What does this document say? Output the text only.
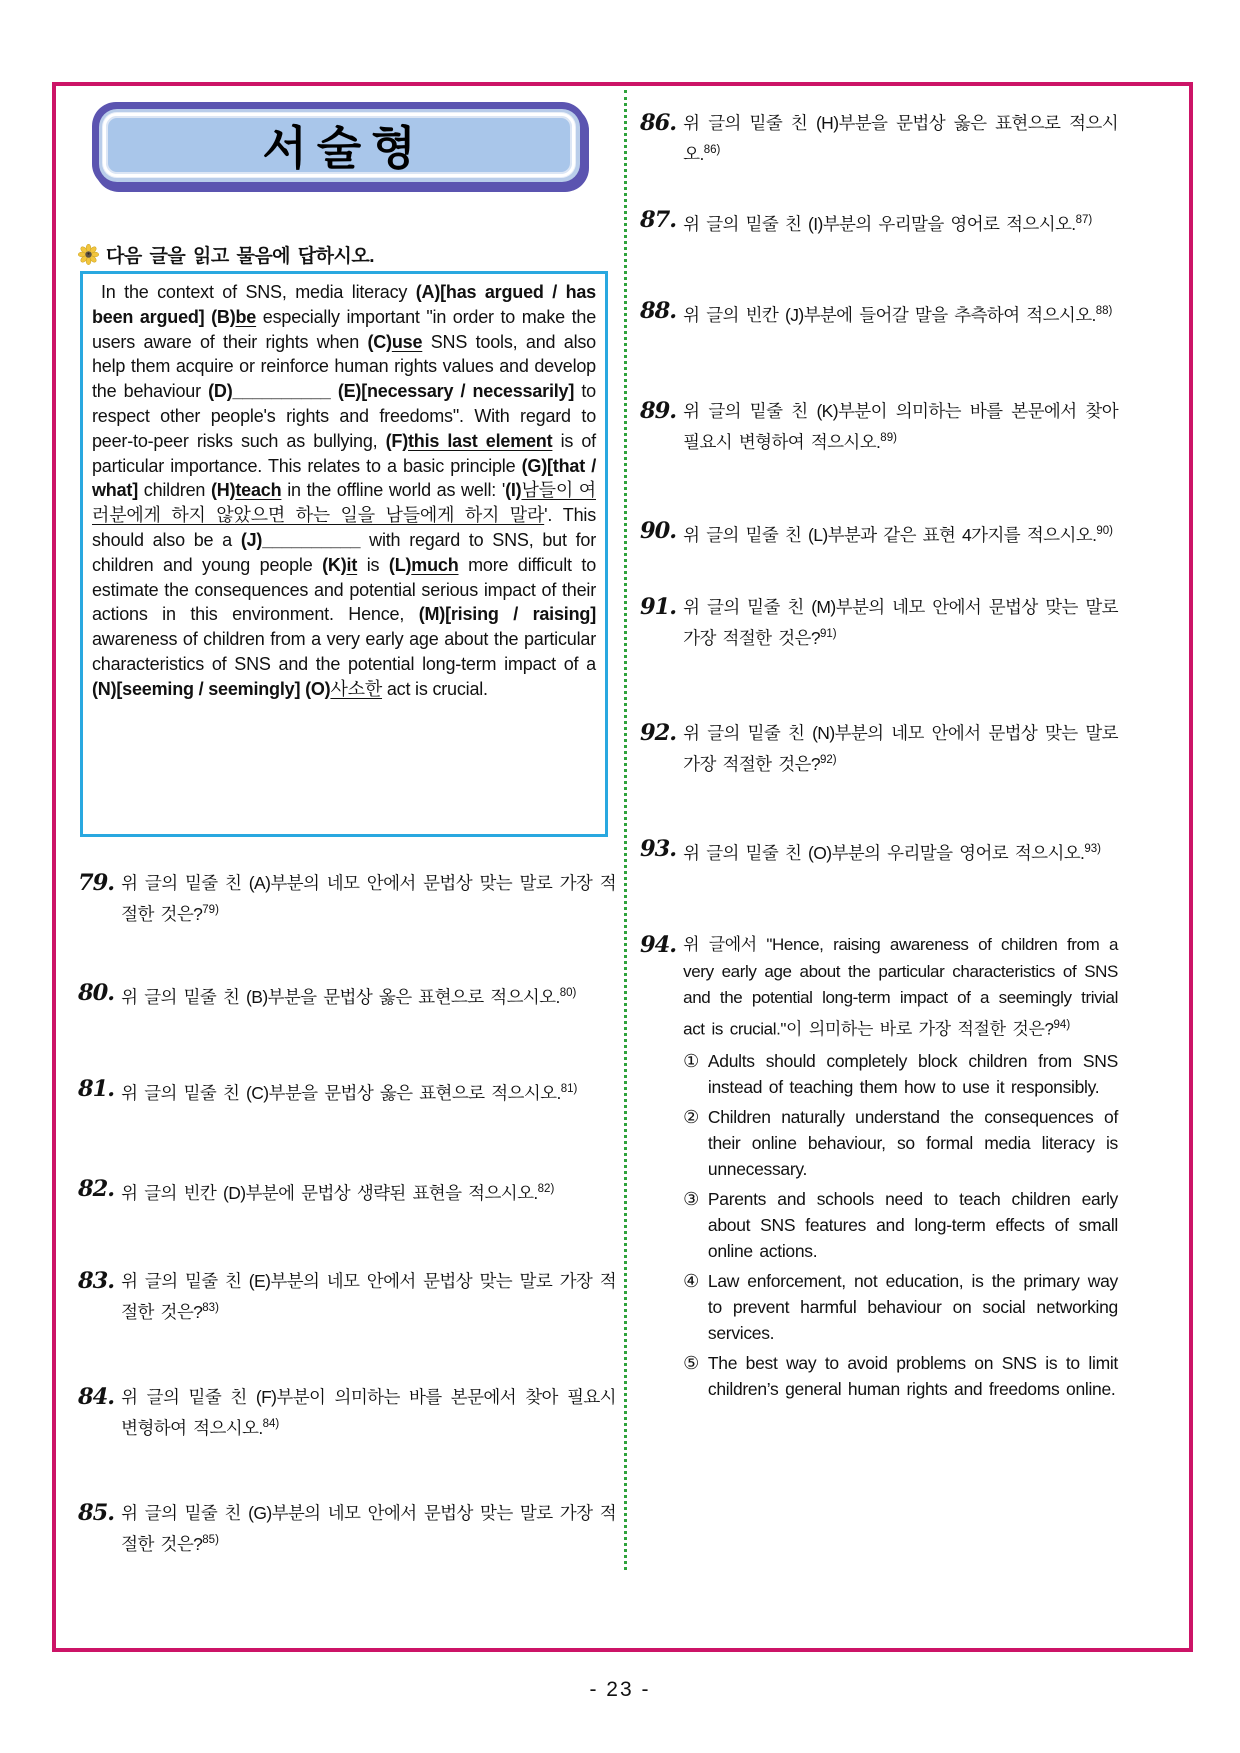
서술형
다음 글을 읽고 물음에 답하시오.

In the context of SNS, media literacy (A)[has argued / has been argued] (B)be especially important "in order to make the users aware of their rights when (C)use SNS tools, and also help them acquire or reinforce human rights values and develop the behaviour (D)__________ (E)[necessary / necessarily] to respect other people's rights and freedoms". With regard to peer-to-peer risks such as bullying, (F)this last element is of particular importance. This relates to a basic principle (G)[that / what] children (H)teach in the offline world as well: '(I)남들이 여러분에게 하지 않았으면 하는 일을 남들에게 하지 말라'. This should also be a (J)__________ with regard to SNS, but for children and young people (K)it is (L)much more difficult to estimate the consequences and potential serious impact of their actions in this environment. Hence, (M)[rising / raising] awareness of children from a very early age about the particular characteristics of SNS and the potential long-term impact of a (N)[seeming / seemingly] (O)사소한 act is crucial.

79. 위 글의 밑줄 친 (A)부분의 네모 안에서 문법상 맞는 말로 가장 적절한 것은?$^{79)}$
80. 위 글의 밑줄 친 (B)부분을 문법상 옳은 표현으로 적으시오.$^{80)}$
81. 위 글의 밑줄 친 (C)부분을 문법상 옳은 표현으로 적으시오.$^{81)}$
82. 위 글의 빈칸 (D)부분에 문법상 생략된 표현을 적으시오.$^{82)}$
83. 위 글의 밑줄 친 (E)부분의 네모 안에서 문법상 맞는 말로 가장 적절한 것은?$^{83)}$
84. 위 글의 밑줄 친 (F)부분이 의미하는 바를 본문에서 찾아 필요시 변형하여 적으시오.$^{84)}$
85. 위 글의 밑줄 친 (G)부분의 네모 안에서 문법상 맞는 말로 가장 적절한 것은?$^{85)}$
86. 위 글의 밑줄 친 (H)부분을 문법상 옳은 표현으로 적으시오.$^{86)}$
87. 위 글의 밑줄 친 (I)부분의 우리말을 영어로 적으시오.$^{87)}$
88. 위 글의 빈칸 (J)부분에 들어갈 말을 추측하여 적으시오.$^{88)}$
89. 위 글의 밑줄 친 (K)부분이 의미하는 바를 본문에서 찾아 필요시 변형하여 적으시오.$^{89)}$
90. 위 글의 밑줄 친 (L)부분과 같은 표현 4가지를 적으시오.$^{90)}$
91. 위 글의 밑줄 친 (M)부분의 네모 안에서 문법상 맞는 말로 가장 적절한 것은?$^{91)}$
92. 위 글의 밑줄 친 (N)부분의 네모 안에서 문법상 맞는 말로 가장 적절한 것은?$^{92)}$
93. 위 글의 밑줄 친 (O)부분의 우리말을 영어로 적으시오.$^{93)}$
94. 위 글에서 "Hence, raising awareness of children from a very early age about the particular characteristics of SNS and the potential long-term impact of a seemingly trivial act is crucial."이 의미하는 바로 가장 적절한 것은?$^{94)}$
① Adults should completely block children from SNS instead of teaching them how to use it responsibly.
② Children naturally understand the consequences of their online behaviour, so formal media literacy is unnecessary.
③ Parents and schools need to teach children early about SNS features and long-term effects of small online actions.
④ Law enforcement, not education, is the primary way to prevent harmful behaviour on social networking services.
⑤ The best way to avoid problems on SNS is to limit children’s general human rights and freedoms online.
- 23 -
